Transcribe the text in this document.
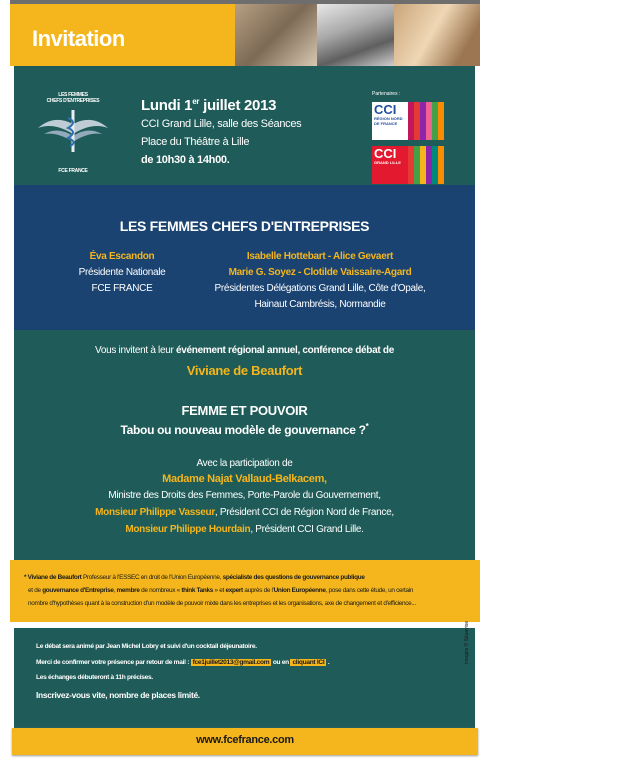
Invitation
LES FEMMES
CHEFS D'ENTREPRISES
FCE FRANCE
Lundi 1er juillet 2013
CCI Grand Lille, salle des Séances
Place du Théâtre à Lille
de 10h30 à 14h00.
Partenaires :
CCI
RÉGION NORD DE FRANCE
CCI
GRAND LILLE
LES FEMMES CHEFS D'ENTREPRISES
Éva Escandon
Présidente Nationale
FCE FRANCE
Isabelle Hottebart - Alice Gevaert
Marie G. Soyez - Clotilde Vaissaire-Agard
Présidentes Délégations Grand Lille, Côte d'Opale,
Hainaut Cambrésis, Normandie
Vous invitent à leur événement régional annuel, conférence débat de
Viviane de Beaufort
FEMME ET POUVOIR
Tabou ou nouveau modèle de gouvernance ?*
Avec la participation de
Madame Najat Vallaud-Belkacem,
Ministre des Droits des Femmes, Porte-Parole du Gouvernement,
Monsieur Philippe Vasseur, Président CCI de Région Nord de France,
Monsieur Philippe Hourdain, Président CCI Grand Lille.
* Viviane de Beaufort Professeur à l'ESSEC en droit de l'Union Européenne, spécialiste des questions de gouvernance publique
et de gouvernance d'Entreprise, membre de nombreux « think Tanks » et expert auprès de l'Union Européenne, pose dans cette étude, un certain
nombre d'hypothèses quant à la construction d'un modèle de pouvoir mixte dans les entreprises et les organisations, axe de changement et d'efficience...
Le débat sera animé par Jean Michel Lobry et suivi d'un cocktail déjeunatoire.
Merci de confirmer votre présence par retour de mail : fce1juillet2013@gmail.com ou en cliquant ICI .
Les échanges débuteront à 11h précises.
Inscrivez-vous vite, nombre de places limité.
images © Sépavise
www.fcefrance.com
